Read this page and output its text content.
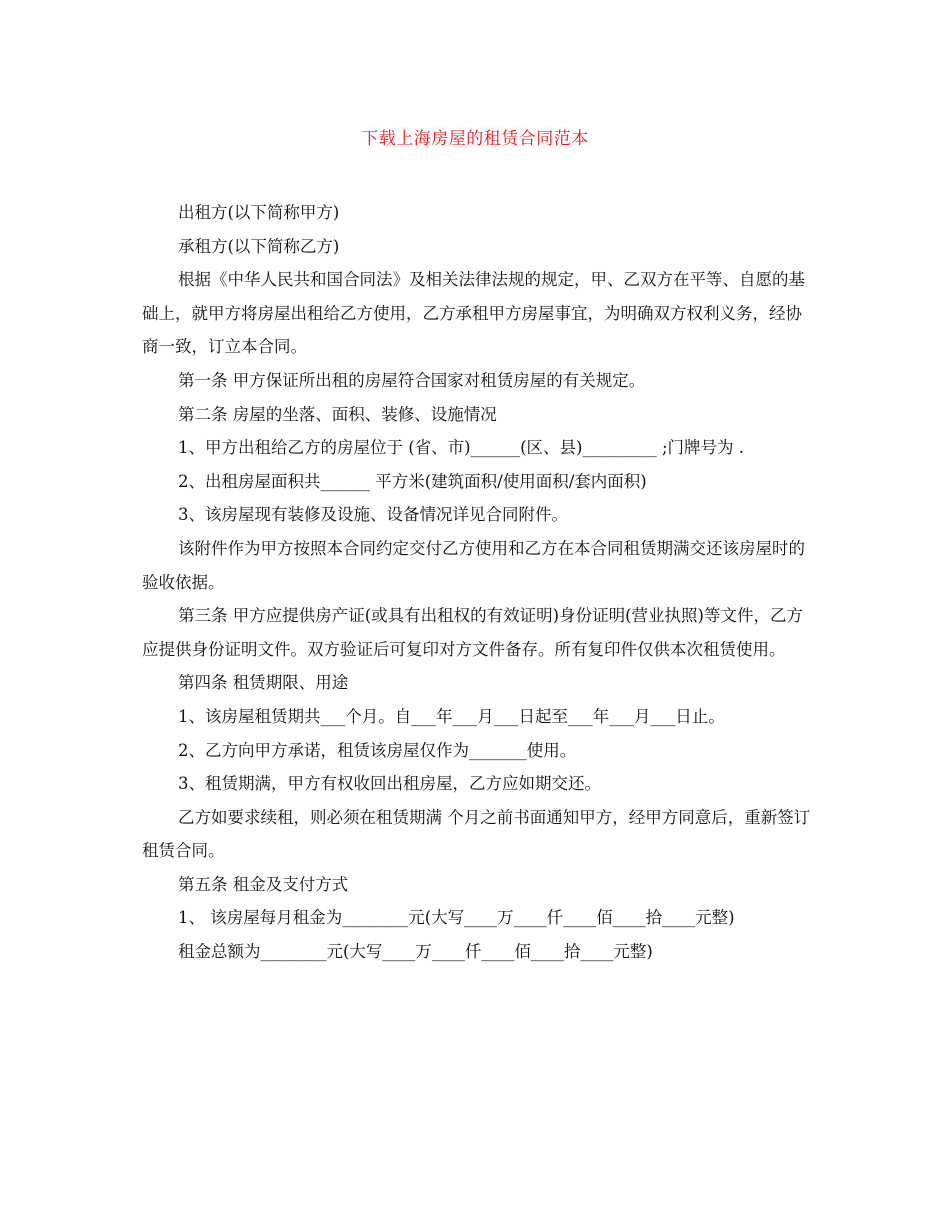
下载上海房屋的租赁合同范本

出租方(以下简称甲方)

承租方(以下简称乙方)

根据《中华人民共和国合同法》及相关法律法规的规定，甲、乙双方在平等、自愿的基础上，就甲方将房屋出租给乙方使用，乙方承租甲方房屋事宜，为明确双方权利义务，经协商一致，订立本合同。

第一条 甲方保证所出租的房屋符合国家对租赁房屋的有关规定。

第二条 房屋的坐落、面积、装修、设施情况

1、甲方出租给乙方的房屋位于 (省、市)______(区、县)_________ ;门牌号为 .

2、出租房屋面积共______ 平方米(建筑面积/使用面积/套内面积)

3、该房屋现有装修及设施、设备情况详见合同附件。

该附件作为甲方按照本合同约定交付乙方使用和乙方在本合同租赁期满交还该房屋时的验收依据。

第三条 甲方应提供房产证(或具有出租权的有效证明)身份证明(营业执照)等文件，乙方应提供身份证明文件。双方验证后可复印对方文件备存。所有复印件仅供本次租赁使用。

第四条 租赁期限、用途

1、该房屋租赁期共___个月。自___年___月___日起至___年___月___日止。

2、乙方向甲方承诺，租赁该房屋仅作为_______使用。

3、租赁期满，甲方有权收回出租房屋，乙方应如期交还。

乙方如要求续租，则必须在租赁期满 个月之前书面通知甲方，经甲方同意后，重新签订租赁合同。

第五条 租金及支付方式

1、 该房屋每月租金为________元(大写____万____仟____佰____拾____元整)

租金总额为________元(大写____万____仟____佰____拾____元整)
